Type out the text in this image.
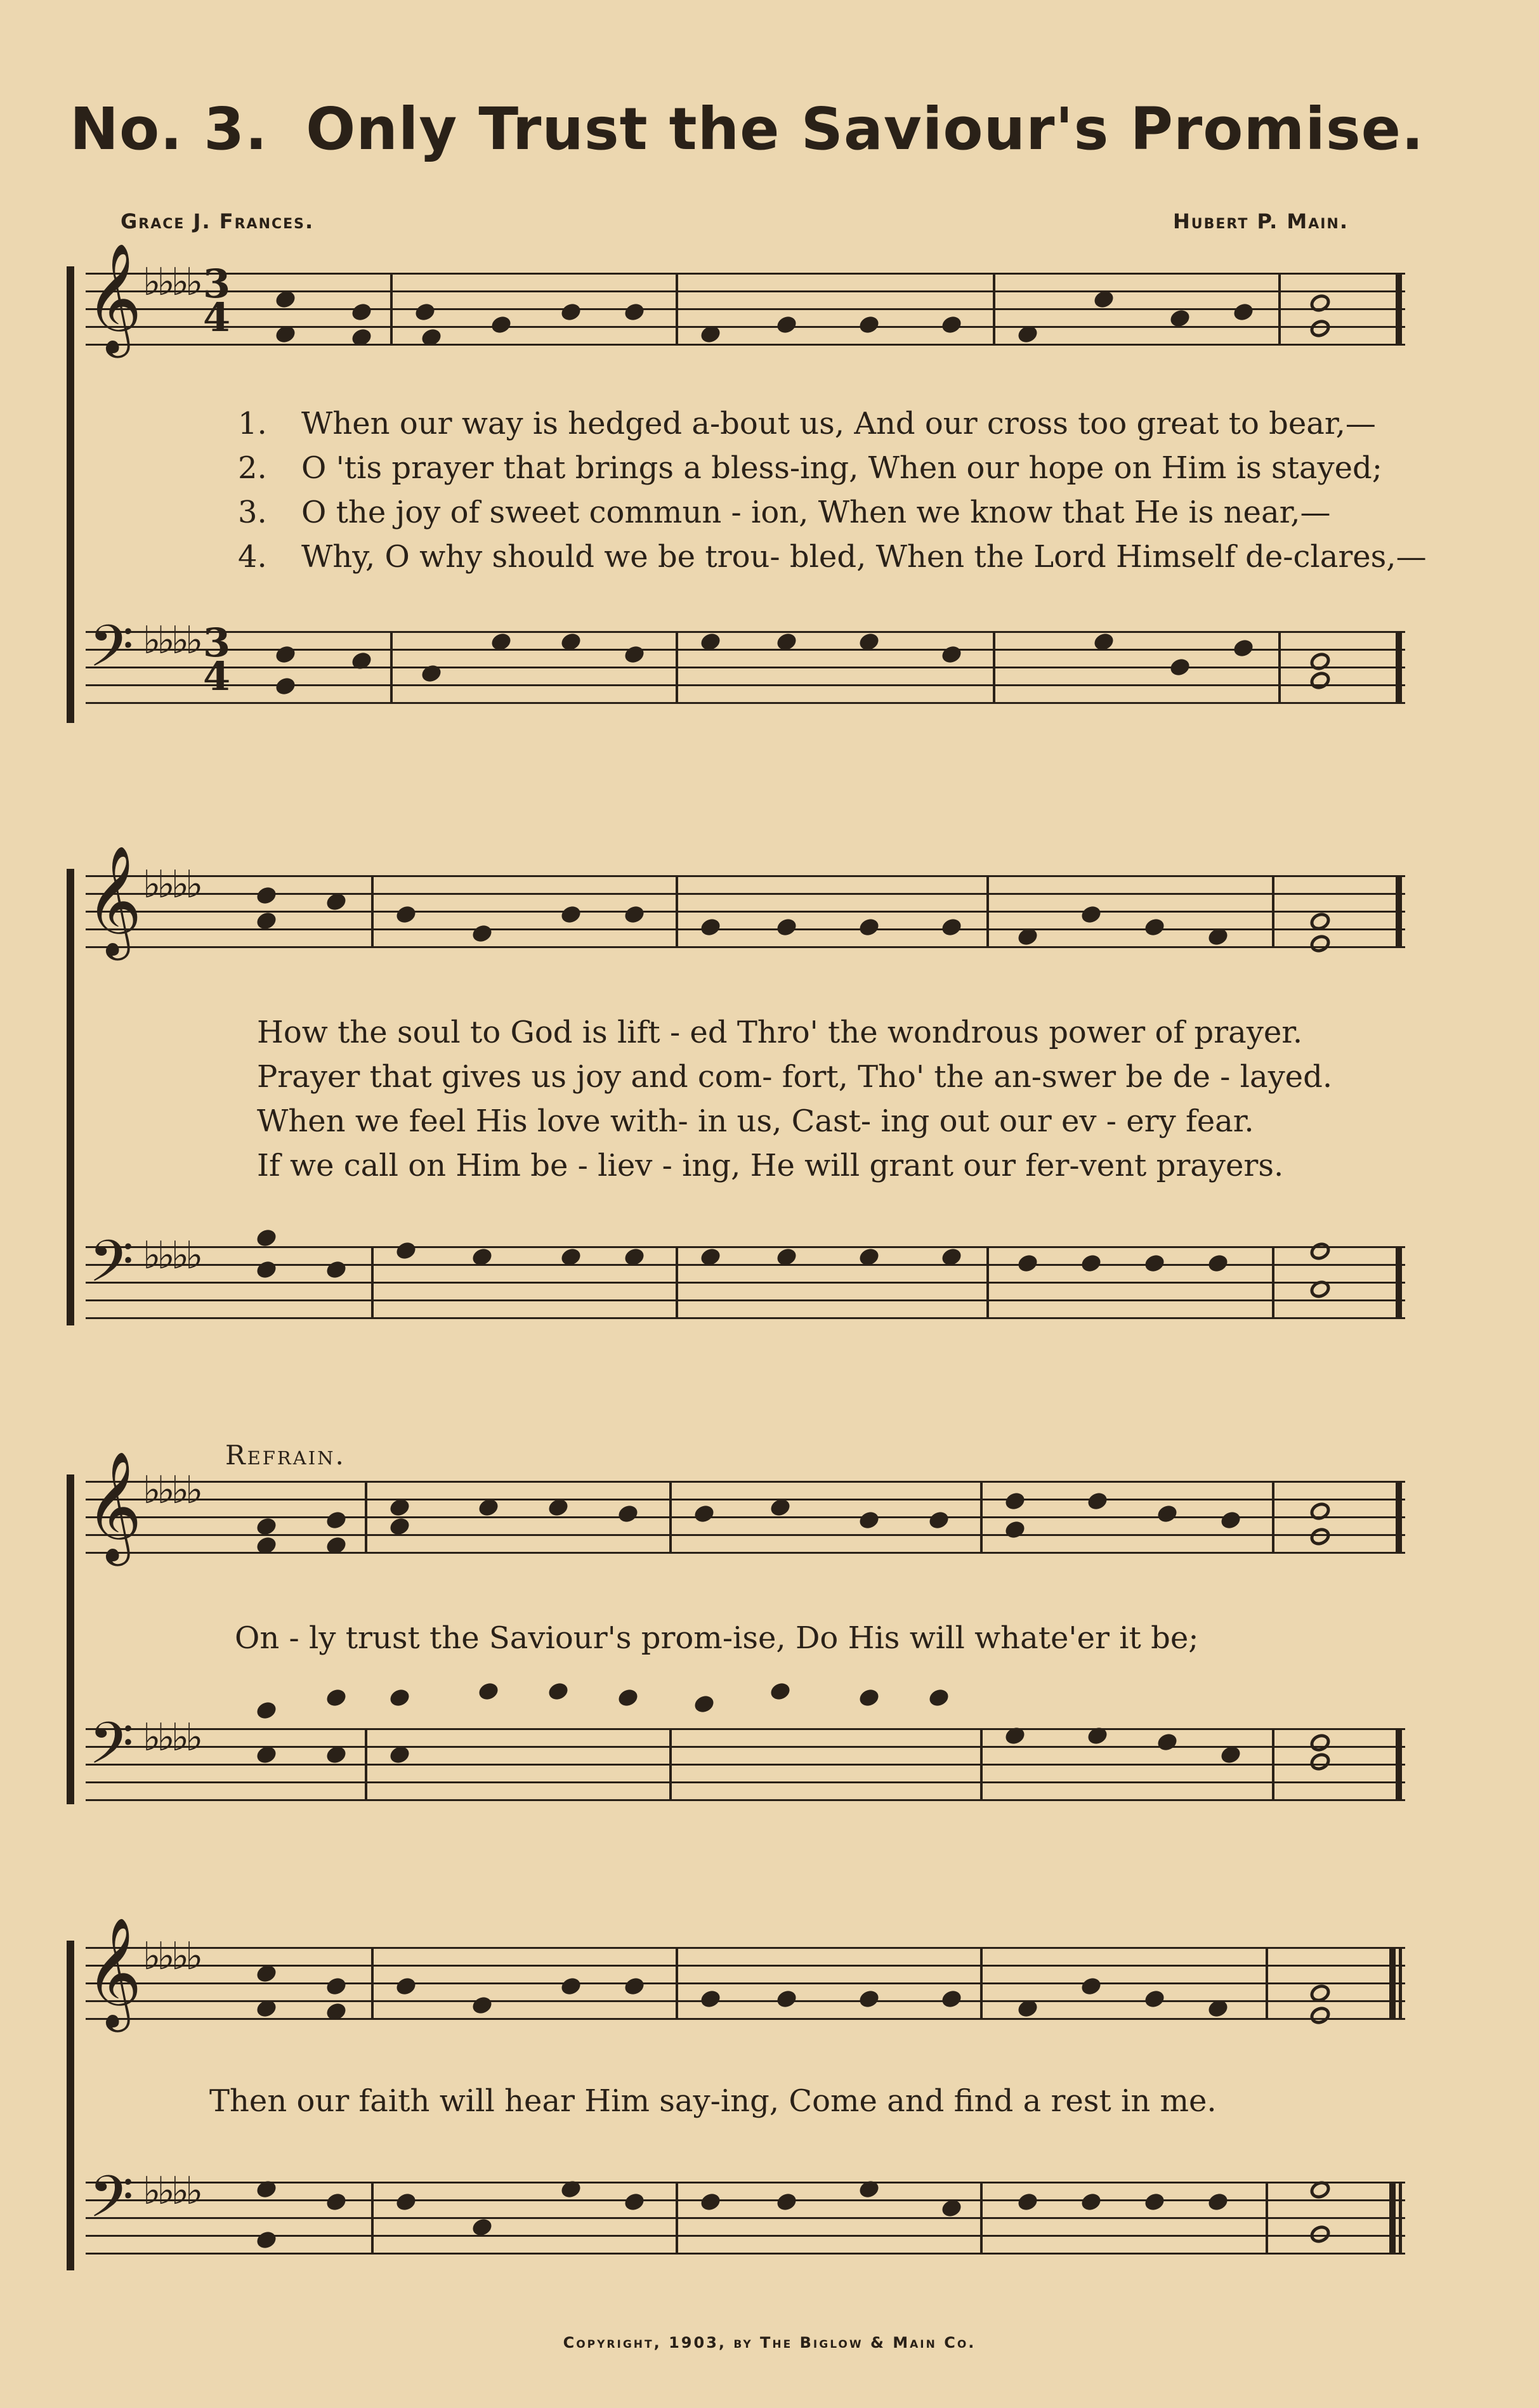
No. 3. Only Trust the Saviour's Promise.
Grace J. Frances.	Hubert P. Main.
𝄞 ♭♭♭♭ 3
4
1. When our way is hedged a-bout us, And our cross too great to bear,—
2. O 'tis prayer that brings a bless-ing, When our hope on Him is stayed;
3. O the joy of sweet commun - ion, When we know that He is near,—
4. Why, O why should we be trou- bled, When the Lord Himself de-clares,—
𝄢 ♭♭♭♭ 3
4
𝄞 ♭♭♭♭
How the soul to God is lift - ed Thro' the wondrous power of prayer.
Prayer that gives us joy and com- fort, Tho' the an-swer be de - layed.
When we feel His love with- in us, Cast- ing out our ev - ery fear.
If we call on Him be - liev - ing, He will grant our fer-vent prayers.
𝄢 ♭♭♭♭
Refrain.
𝄞 ♭♭♭♭
On - ly trust the Saviour's prom-ise, Do His will whate'er it be;
𝄢 ♭♭♭♭
𝄞 ♭♭♭♭
Then our faith will hear Him say-ing, Come and find a rest in me.
𝄢 ♭♭♭♭
Copyright, 1903, by The Biglow & Main Co.
